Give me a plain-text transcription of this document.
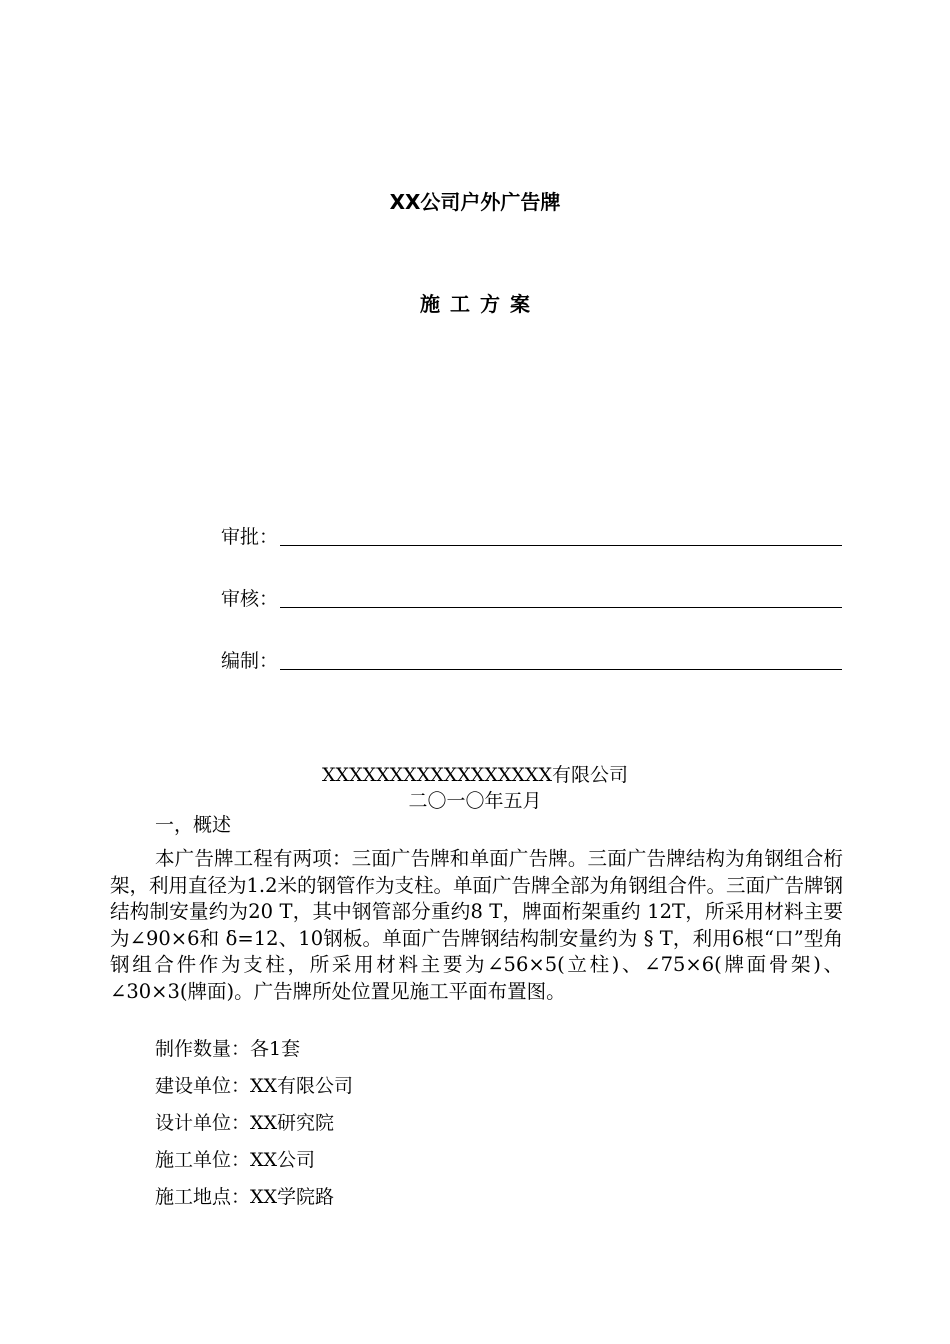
XX公司户外广告牌
施工方案
审批：
审核：
编制：
XXXXXXXXXXXXXXXXX有限公司
二〇一〇年五月
一，概述

本广告牌工程有两项：三面广告牌和单面广告牌。三面广告牌结构为角钢组合桁架，利用直径为1.2米的钢管作为支柱。单面广告牌全部为角钢组合件。三面广告牌钢结构制安量约为20 T，其中钢管部分重约8 T，牌面桁架重约 12T，所采用材料主要为∠90×6和 δ=12、10钢板。单面广告牌钢结构制安量约为 § T，利用6根“口”型角钢组合件作为支柱，所采用材料主要为∠56×5(立柱)、∠75×6(牌面骨架)、∠30×3(牌面)。广告牌所处位置见施工平面布置图。

制作数量：各1套
建设单位：XX有限公司
设计单位：XX研究院
施工单位：XX公司
施工地点：XX学院路
